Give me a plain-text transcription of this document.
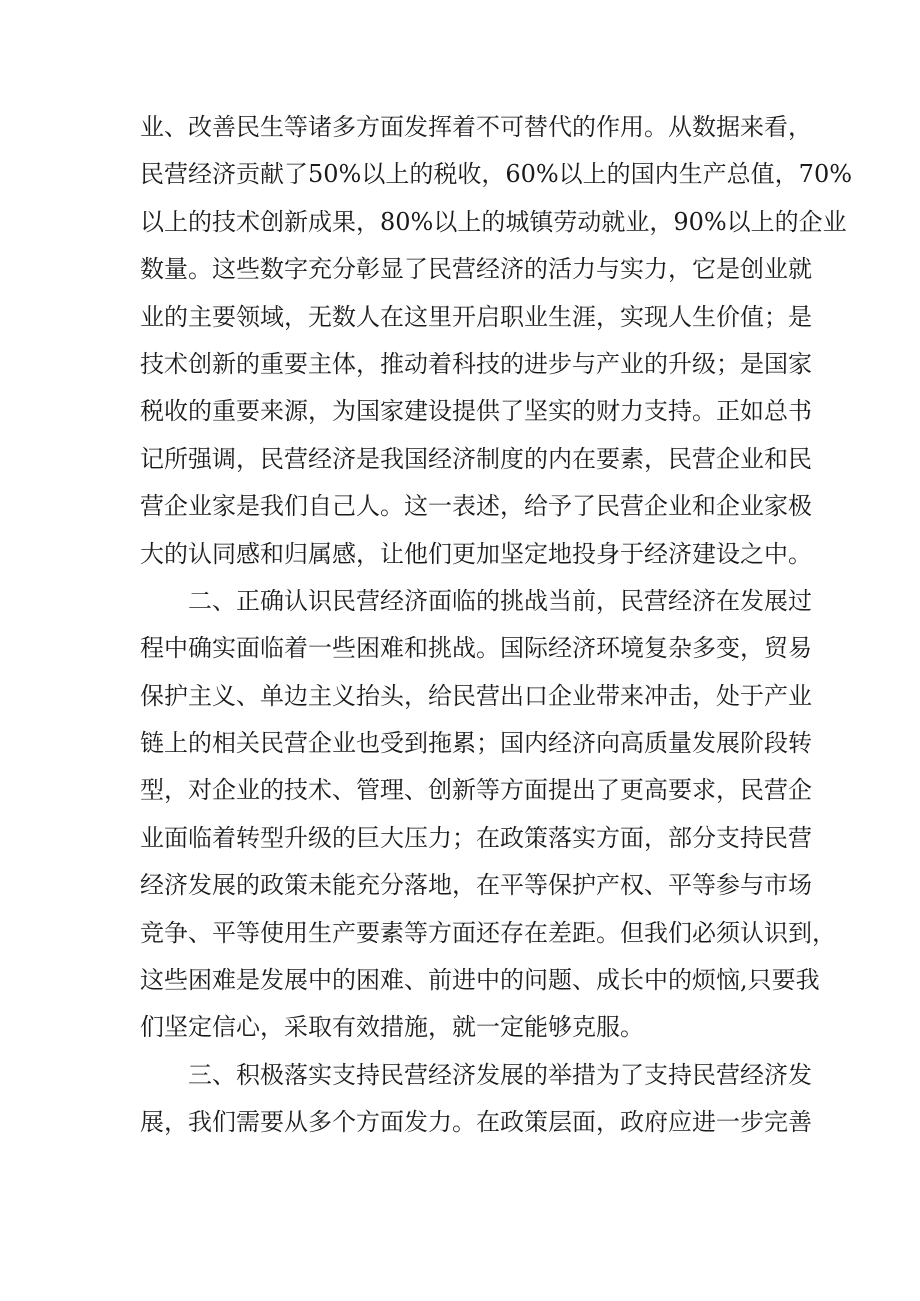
业、改善民生等诸多方面发挥着不可替代的作用。从数据来看，
民营经济贡献了50%以上的税收，60%以上的国内生产总值，70%
以上的技术创新成果，80%以上的城镇劳动就业，90%以上的企业
数量。这些数字充分彰显了民营经济的活力与实力，它是创业就
业的主要领域，无数人在这里开启职业生涯，实现人生价值；是
技术创新的重要主体，推动着科技的进步与产业的升级；是国家
税收的重要来源，为国家建设提供了坚实的财力支持。正如总书
记所强调，民营经济是我国经济制度的内在要素，民营企业和民
营企业家是我们自己人。这一表述，给予了民营企业和企业家极
大的认同感和归属感，让他们更加坚定地投身于经济建设之中。
二、正确认识民营经济面临的挑战当前，民营经济在发展过
程中确实面临着一些困难和挑战。国际经济环境复杂多变，贸易
保护主义、单边主义抬头，给民营出口企业带来冲击，处于产业
链上的相关民营企业也受到拖累；国内经济向高质量发展阶段转
型，对企业的技术、管理、创新等方面提出了更高要求，民营企
业面临着转型升级的巨大压力；在政策落实方面，部分支持民营
经济发展的政策未能充分落地，在平等保护产权、平等参与市场
竞争、平等使用生产要素等方面还存在差距。但我们必须认识到，
这些困难是发展中的困难、前进中的问题、成长中的烦恼,只要我
们坚定信心，采取有效措施，就一定能够克服。
三、积极落实支持民营经济发展的举措为了支持民营经济发
展，我们需要从多个方面发力。在政策层面，政府应进一步完善
